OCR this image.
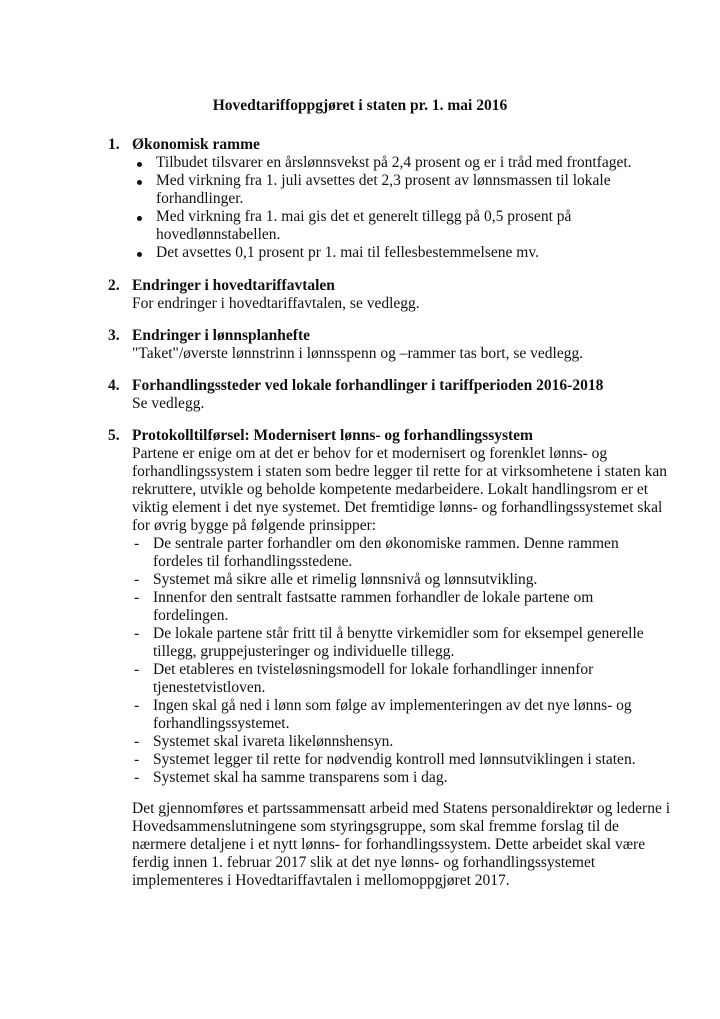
Hovedtariffoppgjøret i staten pr. 1. mai 2016
1. Økonomisk ramme
Tilbudet tilsvarer en årslønnsvekst på 2,4 prosent og er i tråd med frontfaget.
Med virkning fra 1. juli avsettes det 2,3 prosent av lønnsmassen til lokale
forhandlinger.
Med virkning fra 1. mai gis det et generelt tillegg på 0,5 prosent på
hovedlønnstabellen.
Det avsettes 0,1 prosent pr 1. mai til fellesbestemmelsene mv.
2. Endringer i hovedtariffavtalen
For endringer i hovedtariffavtalen, se vedlegg.
3. Endringer i lønnsplanhefte
"Taket"/øverste lønnstrinn i lønnsspenn og –rammer tas bort, se vedlegg.
4. Forhandlingssteder ved lokale forhandlinger i tariffperioden 2016-2018
Se vedlegg.
5. Protokolltilførsel: Modernisert lønns- og forhandlingssystem
Partene er enige om at det er behov for et modernisert og forenklet lønns- og
forhandlingssystem i staten som bedre legger til rette for at virksomhetene i staten kan
rekruttere, utvikle og beholde kompetente medarbeidere. Lokalt handlingsrom er et
viktig element i det nye systemet. Det fremtidige lønns- og forhandlingssystemet skal
for øvrig bygge på følgende prinsipper:
- De sentrale parter forhandler om den økonomiske rammen. Denne rammen
fordeles til forhandlingsstedene.
- Systemet må sikre alle et rimelig lønnsnivå og lønnsutvikling.
- Innenfor den sentralt fastsatte rammen forhandler de lokale partene om
fordelingen.
- De lokale partene står fritt til å benytte virkemidler som for eksempel generelle
tillegg, gruppejusteringer og individuelle tillegg.
- Det etableres en tvisteløsningsmodell for lokale forhandlinger innenfor
tjenestetvistloven.
- Ingen skal gå ned i lønn som følge av implementeringen av det nye lønns- og
forhandlingssystemet.
- Systemet skal ivareta likelønnshensyn.
- Systemet legger til rette for nødvendig kontroll med lønnsutviklingen i staten.
- Systemet skal ha samme transparens som i dag.
Det gjennomføres et partssammensatt arbeid med Statens personaldirektør og lederne i
Hovedsammenslutningene som styringsgruppe, som skal fremme forslag til de
nærmere detaljene i et nytt lønns- for forhandlingssystem. Dette arbeidet skal være
ferdig innen 1. februar 2017 slik at det nye lønns- og forhandlingssystemet
implementeres i Hovedtariffavtalen i mellomoppgjøret 2017.
